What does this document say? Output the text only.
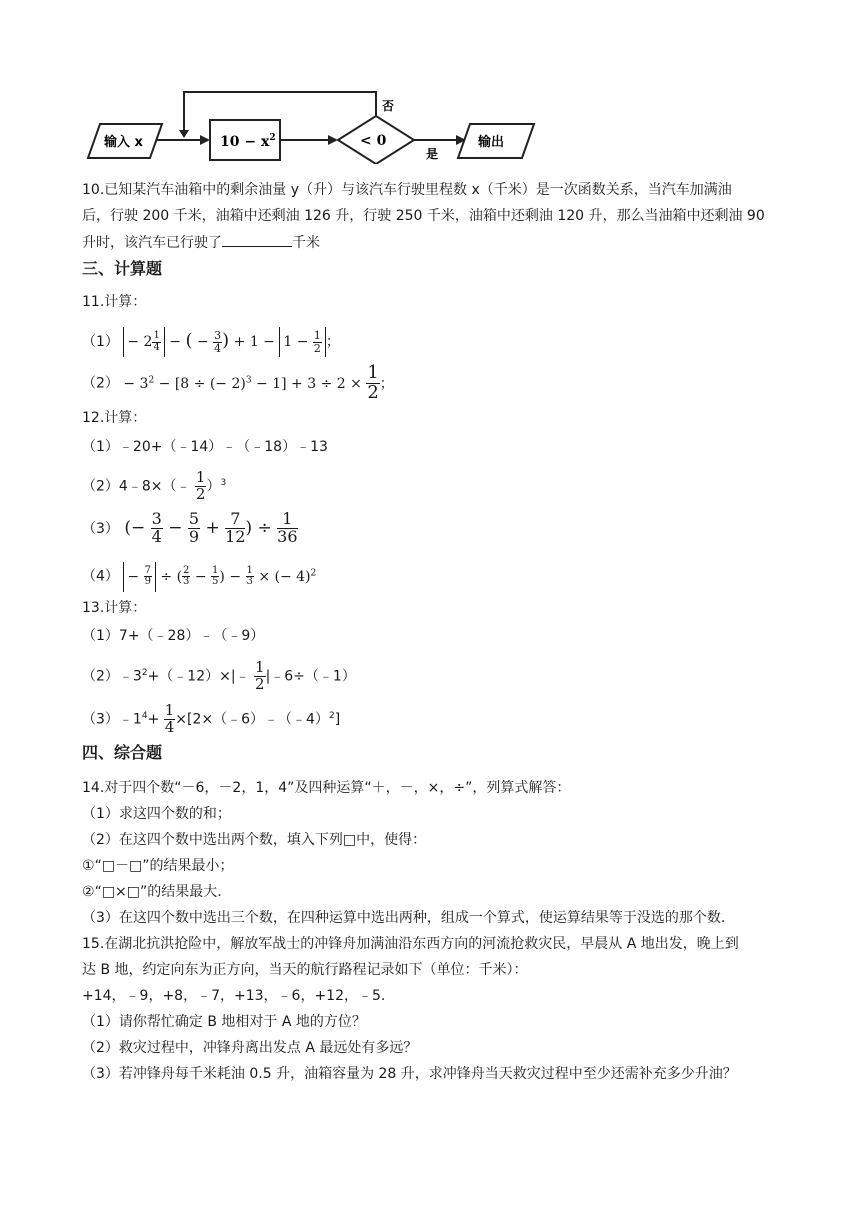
输入 x	$10 - x^2$	< 0
否
是
输出
10.已知某汽车油箱中的剩余油量 y（升）与该汽车行驶里程数 x（千米）是一次函数关系，当汽车加满油
后，行驶 200 千米，油箱中还剩油 126 升，行驶 250 千米，油箱中还剩油 120 升，那么当油箱中还剩油 90
升时，该汽车已行驶了	千米
三、计算题
11.计算：
$(1) - 2 \frac{1}{4}$ − ( − $\frac{3}{4}$ ) + $1 - 1 - \frac{1}{2}$ ；
$(2) - 3^2 - [8$ ÷ (− $2)^3 - 1] + 3 \div 2 \times \frac{1}{2}$ ；
12.计算：
（1）﹣20+（﹣14）﹣（﹣18）﹣13
（2）4﹣8×（﹣ $\frac{1}{2} )^3$
（3） (− $\frac{3}{4} - \frac{5}{9} + \frac{7}{12}$ ) ÷ $\frac{1}{36}$
$(4) - \frac{7}{9}$ ÷ ( $\frac{2}{3} - \frac{1}{5}$ ) − $\frac{1}{3}$ × (− 4)$^2$
13.计算：
（1）7+（﹣28）﹣（﹣9）
$(2)﹣3^2+(﹣12)\times|﹣ \frac{1}{2}$ |﹣6÷（﹣1）
$(3)﹣1^4+ \frac{1}{4}$ ×[2×（﹣6）﹣（﹣4）$^2$]
四、综合题
14.对于四个数“－6，－2，1，4”及四种运算“＋，－，×，÷”，列算式解答：
（1）求这四个数的和；
（2）在这四个数中选出两个数，填入下列□中，使得：
①“□－□”的结果最小；
②“□×□”的结果最大.
（3）在这四个数中选出三个数，在四种运算中选出两种，组成一个算式，使运算结果等于没选的那个数.
15.在湖北抗洪抢险中，解放军战士的冲锋舟加满油沿东西方向的河流抢救灾民，早晨从 A 地出发，晚上到
达 B 地，约定向东为正方向，当天的航行路程记录如下（单位：千米）：
+14，﹣9，+8，﹣7，+13，﹣6，+12，﹣5.
（1）请你帮忙确定 B 地相对于 A 地的方位？
（2）救灾过程中，冲锋舟离出发点 A 最远处有多远？
（3）若冲锋舟每千米耗油 0.5 升，油箱容量为 28 升，求冲锋舟当天救灾过程中至少还需补充多少升油？
